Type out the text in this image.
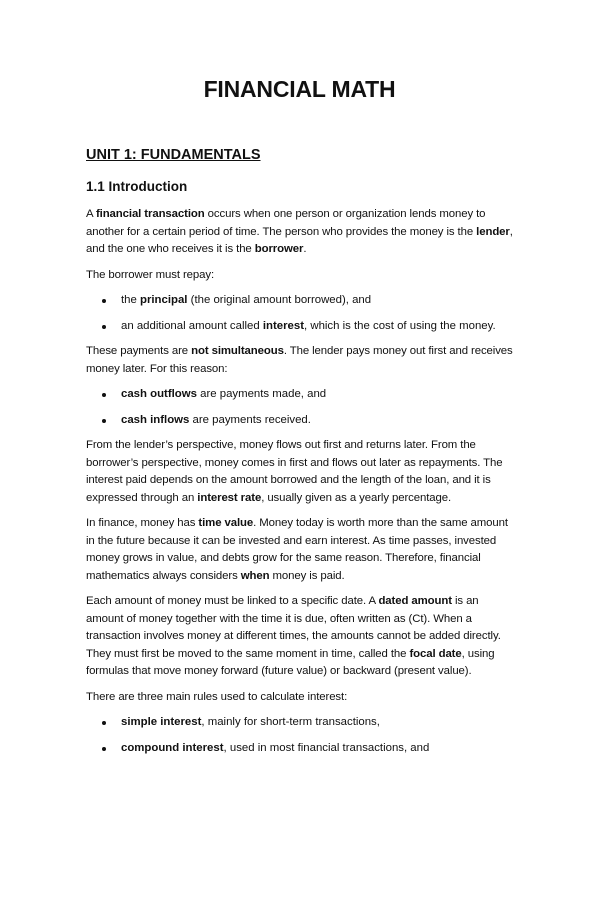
FINANCIAL MATH
UNIT 1: FUNDAMENTALS
1.1 Introduction

A financial transaction occurs when one person or organization lends money to another for a certain period of time. The person who provides the money is the lender, and the one who receives it is the borrower.

The borrower must repay:

the principal (the original amount borrowed), and
an additional amount called interest, which is the cost of using the money.

These payments are not simultaneous. The lender pays money out first and receives money later. For this reason:

cash outflows are payments made, and
cash inflows are payments received.

From the lender’s perspective, money flows out first and returns later. From the borrower’s perspective, money comes in first and flows out later as repayments. The interest paid depends on the amount borrowed and the length of the loan, and it is expressed through an interest rate, usually given as a yearly percentage.

In finance, money has time value. Money today is worth more than the same amount in the future because it can be invested and earn interest. As time passes, invested money grows in value, and debts grow for the same reason. Therefore, financial mathematics always considers when money is paid.

Each amount of money must be linked to a specific date. A dated amount is an amount of money together with the time it is due, often written as (Ct). When a transaction involves money at different times, the amounts cannot be added directly. They must first be moved to the same moment in time, called the focal date, using formulas that move money forward (future value) or backward (present value).

There are three main rules used to calculate interest:

simple interest, mainly for short-term transactions,
compound interest, used in most financial transactions, and
